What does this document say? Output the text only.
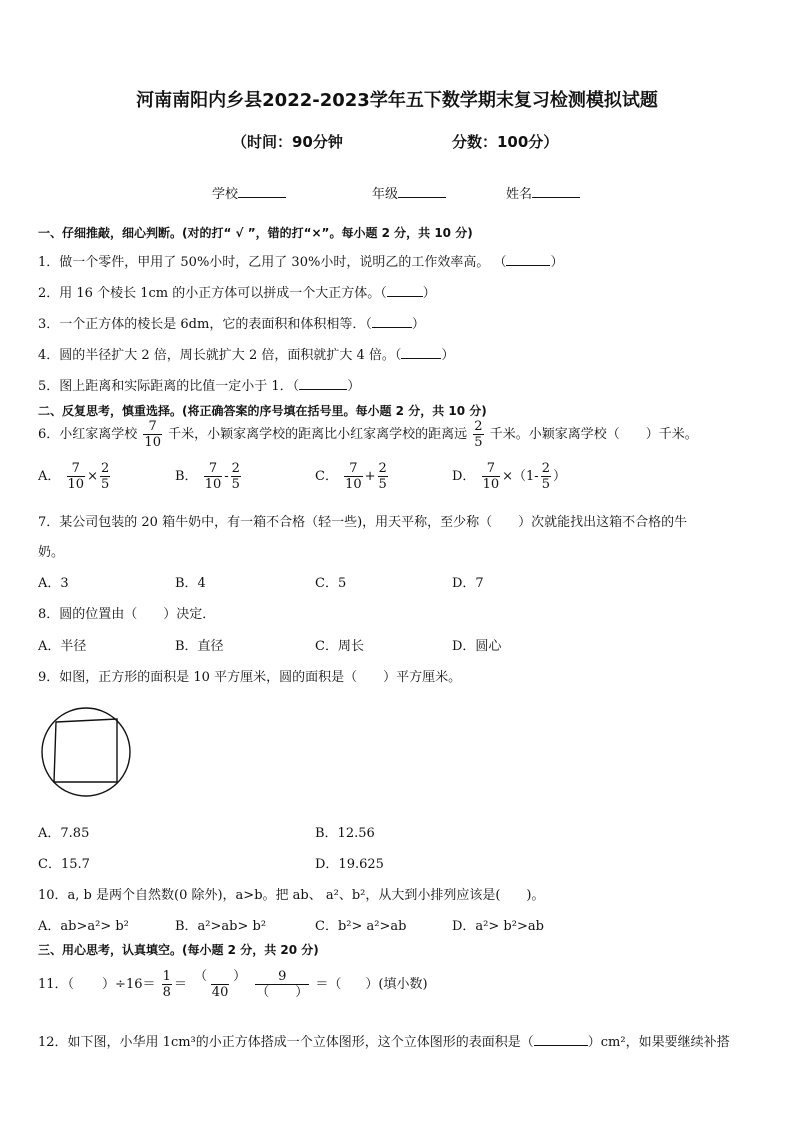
河南南阳内乡县2022-2023学年五下数学期末复习检测模拟试题
（时间：90分钟	分数：100分）
学校	年级	姓名
一、仔细推敲，细心判断。(对的打“ √ ”，错的打“×”。每小题 2 分，共 10 分)
1．做一个零件，甲用了 50%小时，乙用了 30%小时，说明乙的工作效率高。 （	）
2．用 16 个棱长 1cm 的小正方体可以拼成一个大正方体。（	）
3．一个正方体的棱长是 6dm，它的表面积和体积相等．（	）
4．圆的半径扩大 2 倍，周长就扩大 2 倍，面积就扩大 4 倍。（	）
5．图上距离和实际距离的比值一定小于 1．（	）
二、反复思考，慎重选择。(将正确答案的序号填在括号里。每小题 2 分，共 10 分)
6．小红家离学校 $\frac{7}{10}$ 千米，小颖家离学校的距离比小红家离学校的距离远 $\frac{2}{5}$ 千米。小颖家离学校（　　）千米。
A． $\frac{7}{10} \times \frac{2}{5}$	B． $\frac{7}{10} - \frac{2}{5}$	C． $\frac{7}{10} + \frac{2}{5}$	D． $\frac{7}{10} \times(1- \frac{2}{5}$ ）
7．某公司包装的 20 箱牛奶中，有一箱不合格（轻一些)，用天平称，至少称（　　）次就能找出这箱不合格的牛
奶。
A．3	B．4	C．5	D．7
8．圆的位置由（　　）决定．
A．半径	B．直径	C．周长	D．圆心
9．如图，正方形的面积是 10 平方厘米，圆的面积是（　　）平方厘米。
A．7.85	B．12.56
C．15.7	D．19.625
10．a, b 是两个自然数(0 除外)，a>b。把 ab、 a²、b²，从大到小排列应该是(　　)。
A．ab>a²> b²	B．a²>ab> b²	C．b²> a²>ab	D．a²> b²>ab
三、用心思考，认真填空。(每小题 2 分，共 20 分)
11．（ ）$\div 16= \frac{1}{8} = \frac{( )}{40}$
$\frac{9}{( )}$ ＝（ ）(填小数)
12．如下图，小华用 1cm³的小正方体搭成一个立体图形，这个立体图形的表面积是（	）cm²，如果要继续补搭
